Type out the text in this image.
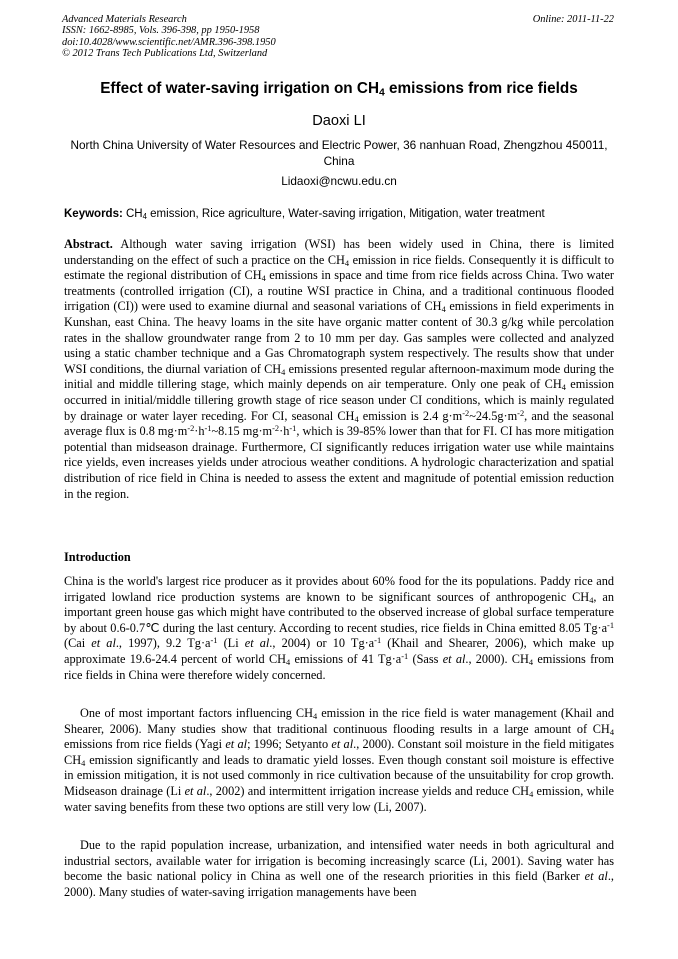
Advanced Materials Research
ISSN: 1662-8985, Vols. 396-398, pp 1950-1958
doi:10.4028/www.scientific.net/AMR.396-398.1950
© 2012 Trans Tech Publications Ltd, Switzerland
Online: 2011-11-22
Effect of water-saving irrigation on $CH_4$ emissions from rice fields
Daoxi LI
North China University of Water Resources and Electric Power, 36 nanhuan Road, Zhengzhou 450011, China
Lidaoxi@ncwu.edu.cn
Keywords: $CH_4$ emission, Rice agriculture, Water-saving irrigation, Mitigation, water treatment
Abstract. Although water saving irrigation (WSI) has been widely used in China, there is limited understanding on the effect of such a practice on the $CH_4$ emission in rice fields. Consequently it is difficult to estimate the regional distribution of $CH_4$ emissions in space and time from rice fields across China. Two water treatments (controlled irrigation (CI), a routine WSI practice in China, and a traditional continuous flooded irrigation (CI)) were used to examine diurnal and seasonal variations of $CH_4$ emissions in field experiments in Kunshan, east China. The heavy loams in the site have organic matter content of 30.3 g/kg while percolation rates in the shallow groundwater range from 2 to 10 mm per day. Gas samples were collected and analyzed using a static chamber technique and a Gas Chromatograph system respectively. The results show that under WSI conditions, the diurnal variation of $CH_4$ emissions presented regular afternoon-maximum mode during the initial and middle tillering stage, which mainly depends on air temperature. Only one peak of $CH_4$ emission occurred in initial/middle tillering growth stage of rice season under CI conditions, which is mainly regulated by drainage or water layer receding. For CI, seasonal $CH_4$ emission is 2.4 $g\cdot m^{-2}\sim 24.5g\cdot m^{-2}$, and the seasonal average flux is 0.8 $mg\cdot m^{-2}\cdot h^{-1}\sim 8.15$ $mg\cdot m^{-2}\cdot h^{-1}$, which is 39-85% lower than that for FI. CI has more mitigation potential than midseason drainage. Furthermore, CI significantly reduces irrigation water use while maintains rice yields, even increases yields under atrocious weather conditions. A hydrologic characterization and spatial distribution of rice field in China is needed to assess the extent and magnitude of potential emission reduction in the region.
Introduction
China is the world's largest rice producer as it provides about 60% food for the its populations. Paddy rice and irrigated lowland rice production systems are known to be significant sources of anthropogenic $CH_4$, an important green house gas which might have contributed to the observed increase of global surface temperature by about 0.6-0.7℃ during the last century. According to recent studies, rice fields in China emitted 8.05 $Tg\cdot a^{-1}$ (Cai et al., 1997), 9.2 $Tg\cdot a^{-1}$ (Li et al., 2004) or 10 $Tg\cdot a^{-1}$ (Khail and Shearer, 2006), which make up approximate 19.6-24.4 percent of world $CH_4$ emissions of 41 $Tg\cdot a^{-1}$ (Sass et al., 2000). $CH_4$ emissions from rice fields in China were therefore widely concerned.
One of most important factors influencing $CH_4$ emission in the rice field is water management (Khail and Shearer, 2006). Many studies show that traditional continuous flooding results in a large amount of $CH_4$ emissions from rice fields (Yagi et al; 1996; Setyanto et al., 2000). Constant soil moisture in the field mitigates $CH_4$ emission significantly and leads to dramatic yield losses. Even though constant soil moisture is effective in emission mitigation, it is not used commonly in rice cultivation because of the unsuitability for crop growth. Midseason drainage (Li et al., 2002) and intermittent irrigation increase yields and reduce $CH_4$ emission, while water saving benefits from these two options are still very low (Li, 2007).
Due to the rapid population increase, urbanization, and intensified water needs in both agricultural and industrial sectors, available water for irrigation is becoming increasingly scarce (Li, 2001). Saving water has become the basic national policy in China as well one of the research priorities in this field (Barker et al., 2000). Many studies of water-saving irrigation managements have been
